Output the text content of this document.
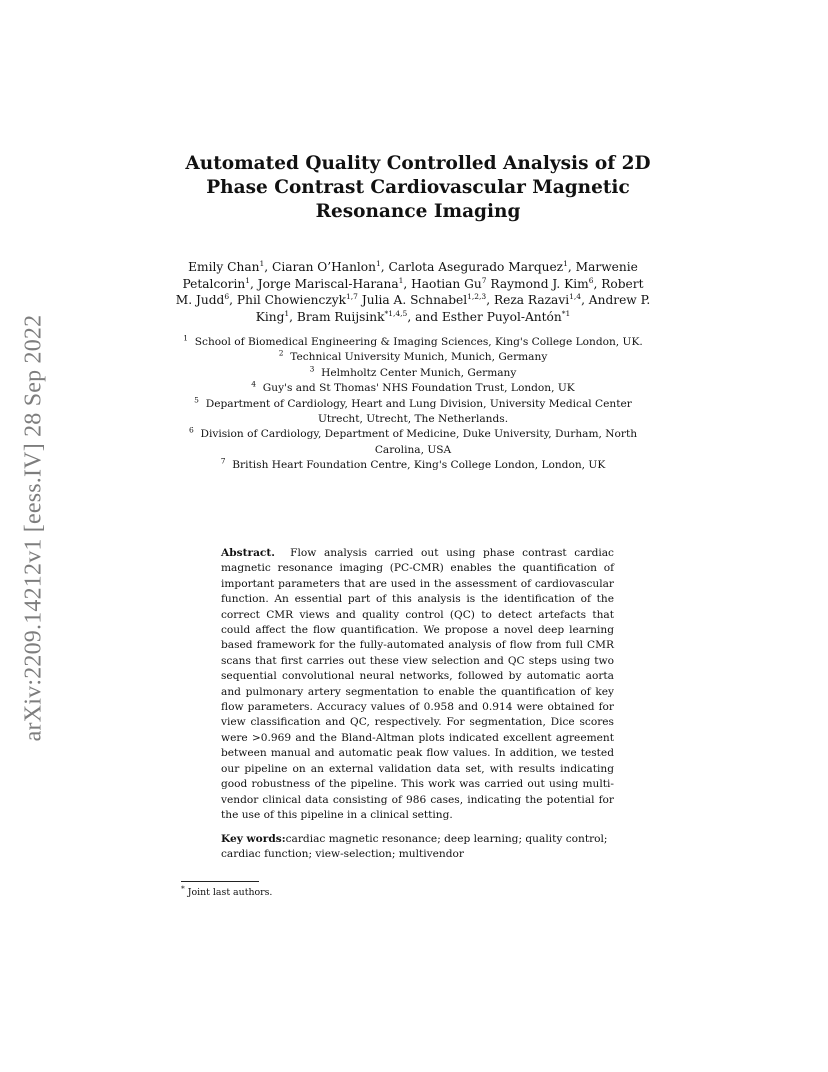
arXiv:2209.14212v1 [eess.IV] 28 Sep 2022
Automated Quality Controlled Analysis of 2D
Phase Contrast Cardiovascular Magnetic
Resonance Imaging
Emily Chan$^1$, Ciaran O’Hanlon$^1$, Carlota Asegurado Marquez$^1$, Marwenie Petalcorin$^1$, Jorge Mariscal-Harana$^1$, Haotian Gu$^7$ Raymond J. Kim$^6$, Robert M. Judd$^6$, Phil Chowienczyk$^{1,7}$ Julia A. Schnabel$^{1,2,3}$, Reza Razavi$^{1,4}$, Andrew P. King$^1$, Bram Ruijsink$^{*1,4,5}$, and Esther Puyol-Antón$^{*1}$
$^1$ School of Biomedical Engineering & Imaging Sciences, King's College London, UK.
$^2$ Technical University Munich, Munich, Germany
$^3$ Helmholtz Center Munich, Germany
$^4$ Guy's and St Thomas' NHS Foundation Trust, London, UK
$^5$ Department of Cardiology, Heart and Lung Division, University Medical Center Utrecht, Utrecht, The Netherlands.
$^6$ Division of Cardiology, Department of Medicine, Duke University, Durham, North Carolina, USA
$^7$ British Heart Foundation Centre, King's College London, London, UK
Abstract. Flow analysis carried out using phase contrast cardiac magnetic resonance imaging (PC-CMR) enables the quantification of important parameters that are used in the assessment of cardiovascular function. An essential part of this analysis is the identification of the correct CMR views and quality control (QC) to detect artefacts that could affect the flow quantification. We propose a novel deep learning based framework for the fully-automated analysis of flow from full CMR scans that first carries out these view selection and QC steps using two sequential convolutional neural networks, followed by automatic aorta and pulmonary artery segmentation to enable the quantification of key flow parameters. Accuracy values of 0.958 and 0.914 were obtained for view classification and QC, respectively. For segmentation, Dice scores were >0.969 and the Bland-Altman plots indicated excellent agreement between manual and automatic peak flow values. In addition, we tested our pipeline on an external validation data set, with results indicating good robustness of the pipeline. This work was carried out using multi-vendor clinical data consisting of 986 cases, indicating the potential for the use of this pipeline in a clinical setting.
Key words:cardiac magnetic resonance; deep learning; quality control; cardiac function; view-selection; multivendor
* Joint last authors.
